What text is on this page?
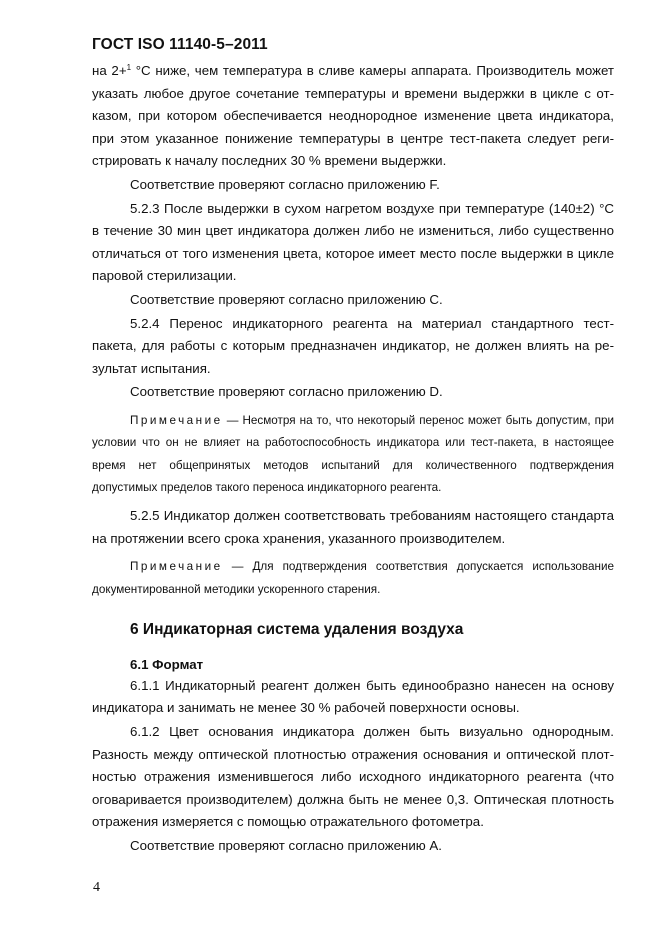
ГОСТ ISO 11140-5–2011

на 2+$^1$ °С ниже, чем температура в сливе камеры аппарата. Производитель может указать любое другое сочетание температуры и времени выдержки в цикле с отказом, при котором обеспечивается неоднородное изменение цвета индикатора, при этом указанное понижение температуры в центре тест-пакета следует регистрировать к началу последних 30 % времени выдержки.

Соответствие проверяют согласно приложению F.

5.2.3 После выдержки в сухом нагретом воздухе при температуре (140±2) °С в течение 30 мин цвет индикатора должен либо не измениться, либо существенно отличаться от того изменения цвета, которое имеет место после выдержки в цикле паровой стерилизации.

Соответствие проверяют согласно приложению С.

5.2.4 Перенос индикаторного реагента на материал стандартного тест-пакета, для работы с которым предназначен индикатор, не должен влиять на результат испытания.

Соответствие проверяют согласно приложению D.

Примечание — Несмотря на то, что некоторый перенос может быть допустим, при условии что он не влияет на работоспособность индикатора или тест-пакета, в настоящее время нет общепринятых методов испытаний для количественного подтверждения допустимых пределов такого переноса индикаторного реагента.

5.2.5 Индикатор должен соответствовать требованиям настоящего стандарта на протяжении всего срока хранения, указанного производителем.

Примечание — Для подтверждения соответствия допускается использование документированной методики ускоренного старения.

6 Индикаторная система удаления воздуха

6.1 Формат

6.1.1 Индикаторный реагент должен быть единообразно нанесен на основу индикатора и занимать не менее 30 % рабочей поверхности основы.

6.1.2 Цвет основания индикатора должен быть визуально однородным. Разность между оптической плотностью отражения основания и оптической плотностью отражения изменившегося либо исходного индикаторного реагента (что оговаривается производителем) должна быть не менее 0,3. Оптическая плотность отражения измеряется с помощью отражательного фотометра.

Соответствие проверяют согласно приложению А.

4
